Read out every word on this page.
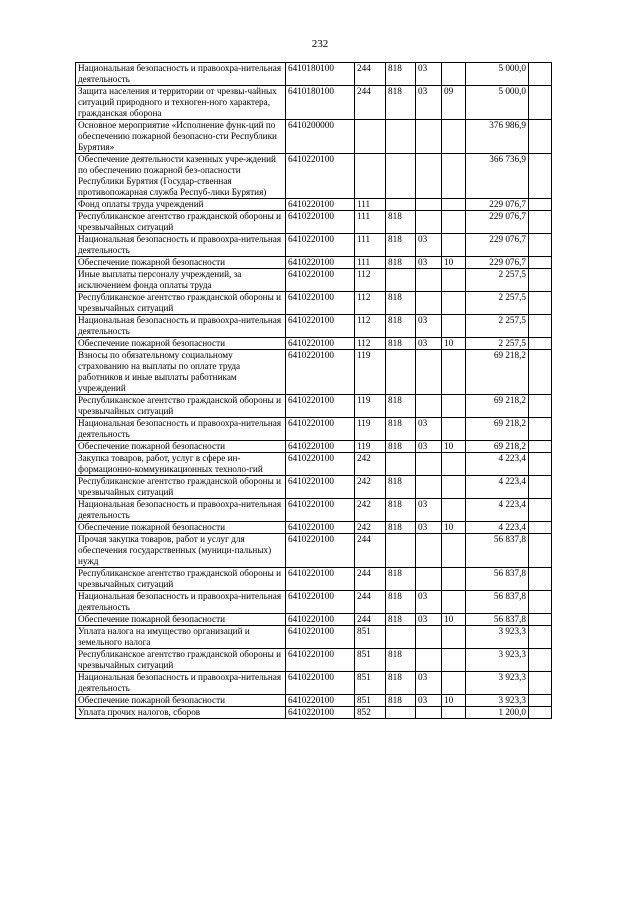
232
Национальная безопасность и правоохра-нительная деятельность	6410180100	244	818	03		5 000,0	
Защита населения и территории от чрезвы-чайных ситуаций природного и техноген-ного характера, гражданская оборона	6410180100	244	818	03	09	5 000,0	
Основное мероприятие «Исполнение функ-ций по обеспечению пожарной безопасно-сти Республики Бурятия»	6410200000					376 986,9	
Обеспечение деятельности казенных учре-ждений по обеспечению пожарной без-опасности Республики Бурятия (Государ-ственная противопожарная служба Респуб-лики Бурятия)	6410220100					366 736,9	
Фонд оплаты труда учреждений	6410220100	111				229 076,7	
Республиканское агентство гражданской обороны и чрезвычайных ситуаций	6410220100	111	818			229 076,7	
Национальная безопасность и правоохра-нительная деятельность	6410220100	111	818	03		229 076,7	
Обеспечение пожарной безопасности	6410220100	111	818	03	10	229 076,7	
Иные выплаты персоналу учреждений, за исключением фонда оплаты труда	6410220100	112				2 257,5	
Республиканское агентство гражданской обороны и чрезвычайных ситуаций	6410220100	112	818			2 257,5	
Национальная безопасность и правоохра-нительная деятельность	6410220100	112	818	03		2 257,5	
Обеспечение пожарной безопасности	6410220100	112	818	03	10	2 257,5	
Взносы по обязательному социальному страхованию на выплаты по оплате труда работников и иные выплаты работникам учреждений	6410220100	119				69 218,2	
Республиканское агентство гражданской обороны и чрезвычайных ситуаций	6410220100	119	818			69 218,2	
Национальная безопасность и правоохра-нительная деятельность	6410220100	119	818	03		69 218,2	
Обеспечение пожарной безопасности	6410220100	119	818	03	10	69 218,2	
Закупка товаров, работ, услуг в сфере ин-формационно-коммуникационных техноло-гий	6410220100	242				4 223,4	
Республиканское агентство гражданской обороны и чрезвычайных ситуаций	6410220100	242	818			4 223,4	
Национальная безопасность и правоохра-нительная деятельность	6410220100	242	818	03		4 223,4	
Обеспечение пожарной безопасности	6410220100	242	818	03	10	4 223,4	
Прочая закупка товаров, работ и услуг для обеспечения государственных (муници-пальных) нужд	6410220100	244				56 837,8	
Республиканское агентство гражданской обороны и чрезвычайных ситуаций	6410220100	244	818			56 837,8	
Национальная безопасность и правоохра-нительная деятельность	6410220100	244	818	03		56 837,8	
Обеспечение пожарной безопасности	6410220100	244	818	03	10	56 837,8	
Уплата налога на имущество организаций и земельного налога	6410220100	851				3 923,3	
Республиканское агентство гражданской обороны и чрезвычайных ситуаций	6410220100	851	818			3 923,3	
Национальная безопасность и правоохра-нительная деятельность	6410220100	851	818	03		3 923,3	
Обеспечение пожарной безопасности	6410220100	851	818	03	10	3 923,3	
Уплата прочих налогов, сборов	6410220100	852				1 200,0	
